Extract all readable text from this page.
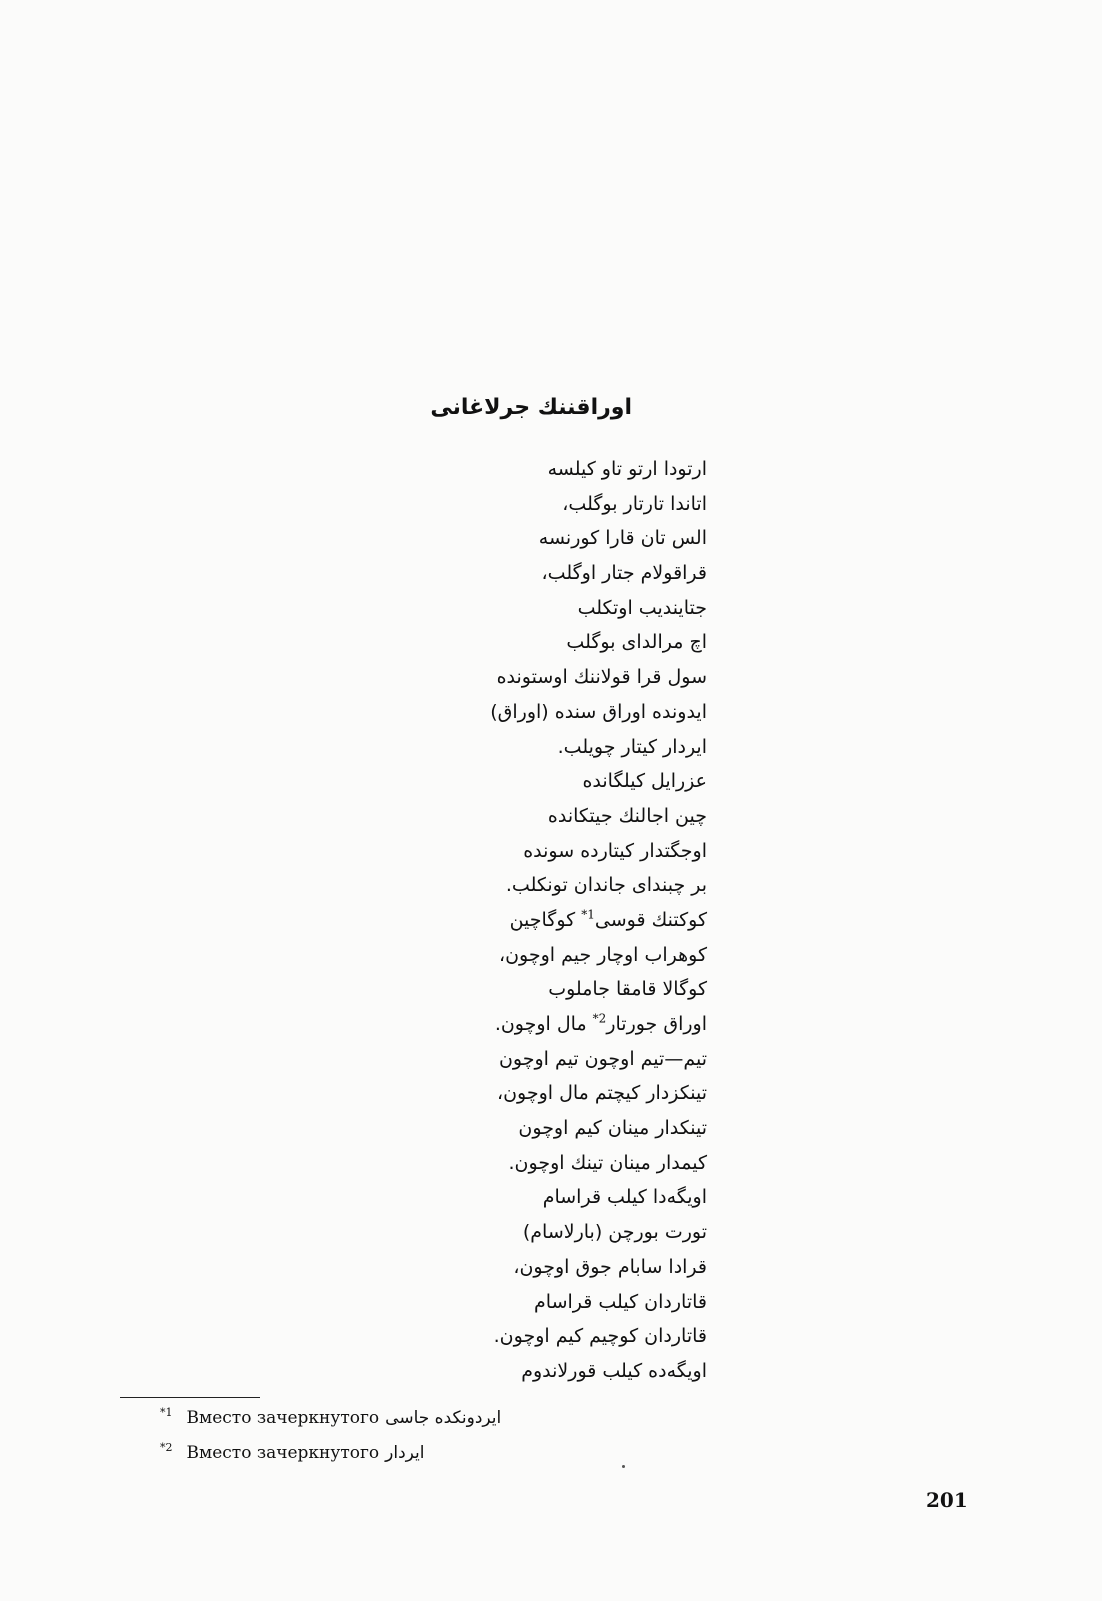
اوراقننك جرلاغانى
ارتودا ارتو تاو كيلسه
اتاندا تارتار بوگلب،
الس تان قارا كورنسه
قراقولام جتار اوگلب،
جتايندیب اوتكلب
اچ مرالداى بوگلب
سول قرا قولاننك اوستونده
ايدونده اوراق سنده (اوراق)
ايردار كيتار چويلب.
عزرايل كيلگانده
چين اجالنك جيتكانده
اوجگتدار كيتارده سونده
بر چبنداى جاندان تونكلب.
كوكتنك قوسى$^{*1}$ كوگاچين
كوهراب اوچار جيم اوچون،
كوگالا قامقا جاملوب
اوراق جورتار$^{*2}$ مال اوچون.
تيم—تيم اوچون تيم اوچون
تينكزدار كيچتم مال اوچون،
تينكدار مينان كيم اوچون
كيمدار مينان تينك اوچون.
اويگەدا كيلب قراسام
تورت بورچن (بارلاسام)
قرادا سابام جوق اوچون،
قاتاردان كيلب قراسام
قاتاردان كوچيم كيم اوچون.
اويگەده كيلب قورلاندوم
$^{*1}$ Вместо зачеркнутого ايردونكده جاسى
$^{*2}$ Вместо зачеркнутого ايردار
201
